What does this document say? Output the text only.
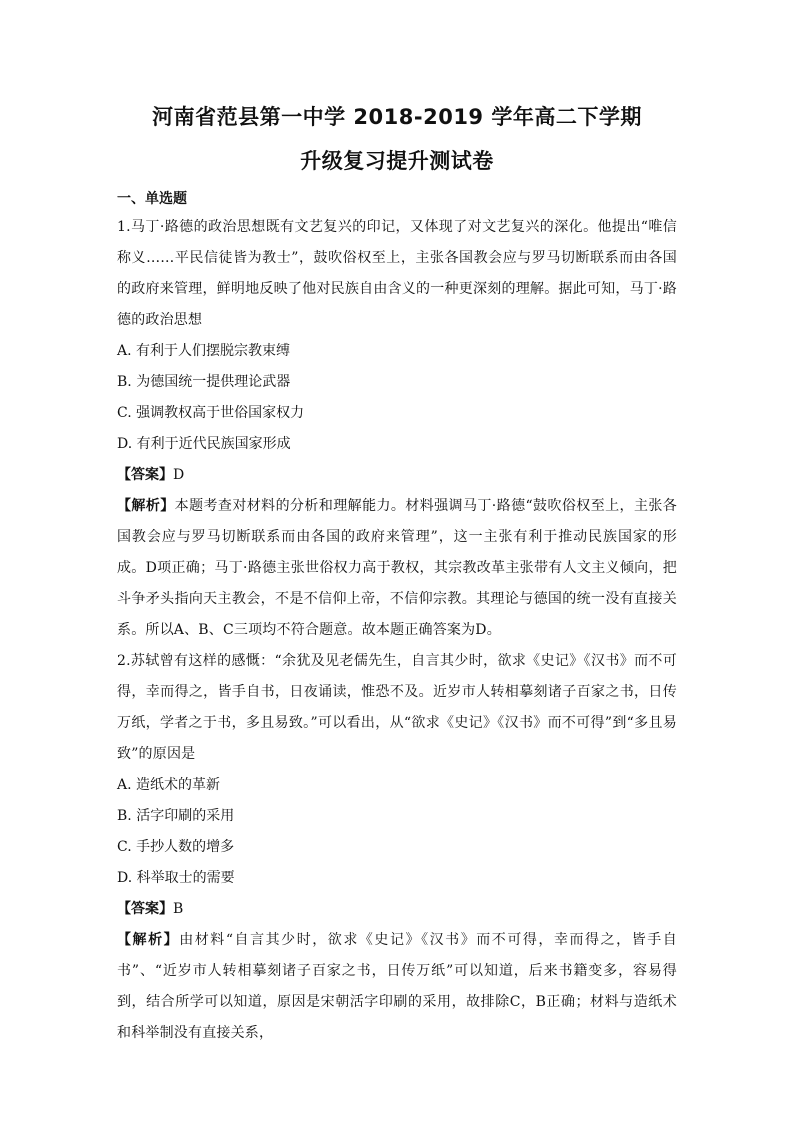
河南省范县第一中学 2018-2019 学年高二下学期
升级复习提升测试卷
一、单选题

1.马丁·路德的政治思想既有文艺复兴的印记，又体现了对文艺复兴的深化。他提出“唯信称义……平民信徒皆为教士”，鼓吹俗权至上，主张各国教会应与罗马切断联系而由各国的政府来管理，鲜明地反映了他对民族自由含义的一种更深刻的理解。据此可知，马丁·路德的政治思想

A. 有利于人们摆脱宗教束缚

B. 为德国统一提供理论武器

C. 强调教权高于世俗国家权力

D. 有利于近代民族国家形成

【答案】D

【解析】本题考查对材料的分析和理解能力。材料强调马丁·路德“鼓吹俗权至上，主张各国教会应与罗马切断联系而由各国的政府来管理”，这一主张有利于推动民族国家的形成。D项正确；马丁·路德主张世俗权力高于教权，其宗教改革主张带有人文主义倾向，把斗争矛头指向天主教会，不是不信仰上帝，不信仰宗教。其理论与德国的统一没有直接关系。所以A、B、C三项均不符合题意。故本题正确答案为D。

2.苏轼曾有这样的感慨：“余犹及见老儒先生，自言其少时，欲求《史记》《汉书》而不可得，幸而得之，皆手自书，日夜诵读，惟恐不及。近岁市人转相摹刻诸子百家之书，日传万纸，学者之于书，多且易致。”可以看出，从“欲求《史记》《汉书》而不可得”到“多且易致”的原因是

A. 造纸术的革新

B. 活字印刷的采用

C. 手抄人数的增多

D. 科举取士的需要

【答案】B

【解析】由材料“自言其少时，欲求《史记》《汉书》而不可得，幸而得之，皆手自书”、“近岁市人转相摹刻诸子百家之书，日传万纸”可以知道，后来书籍变多，容易得到，结合所学可以知道，原因是宋朝活字印刷的采用，故排除C，B正确；材料与造纸术和科举制没有直接关系，
